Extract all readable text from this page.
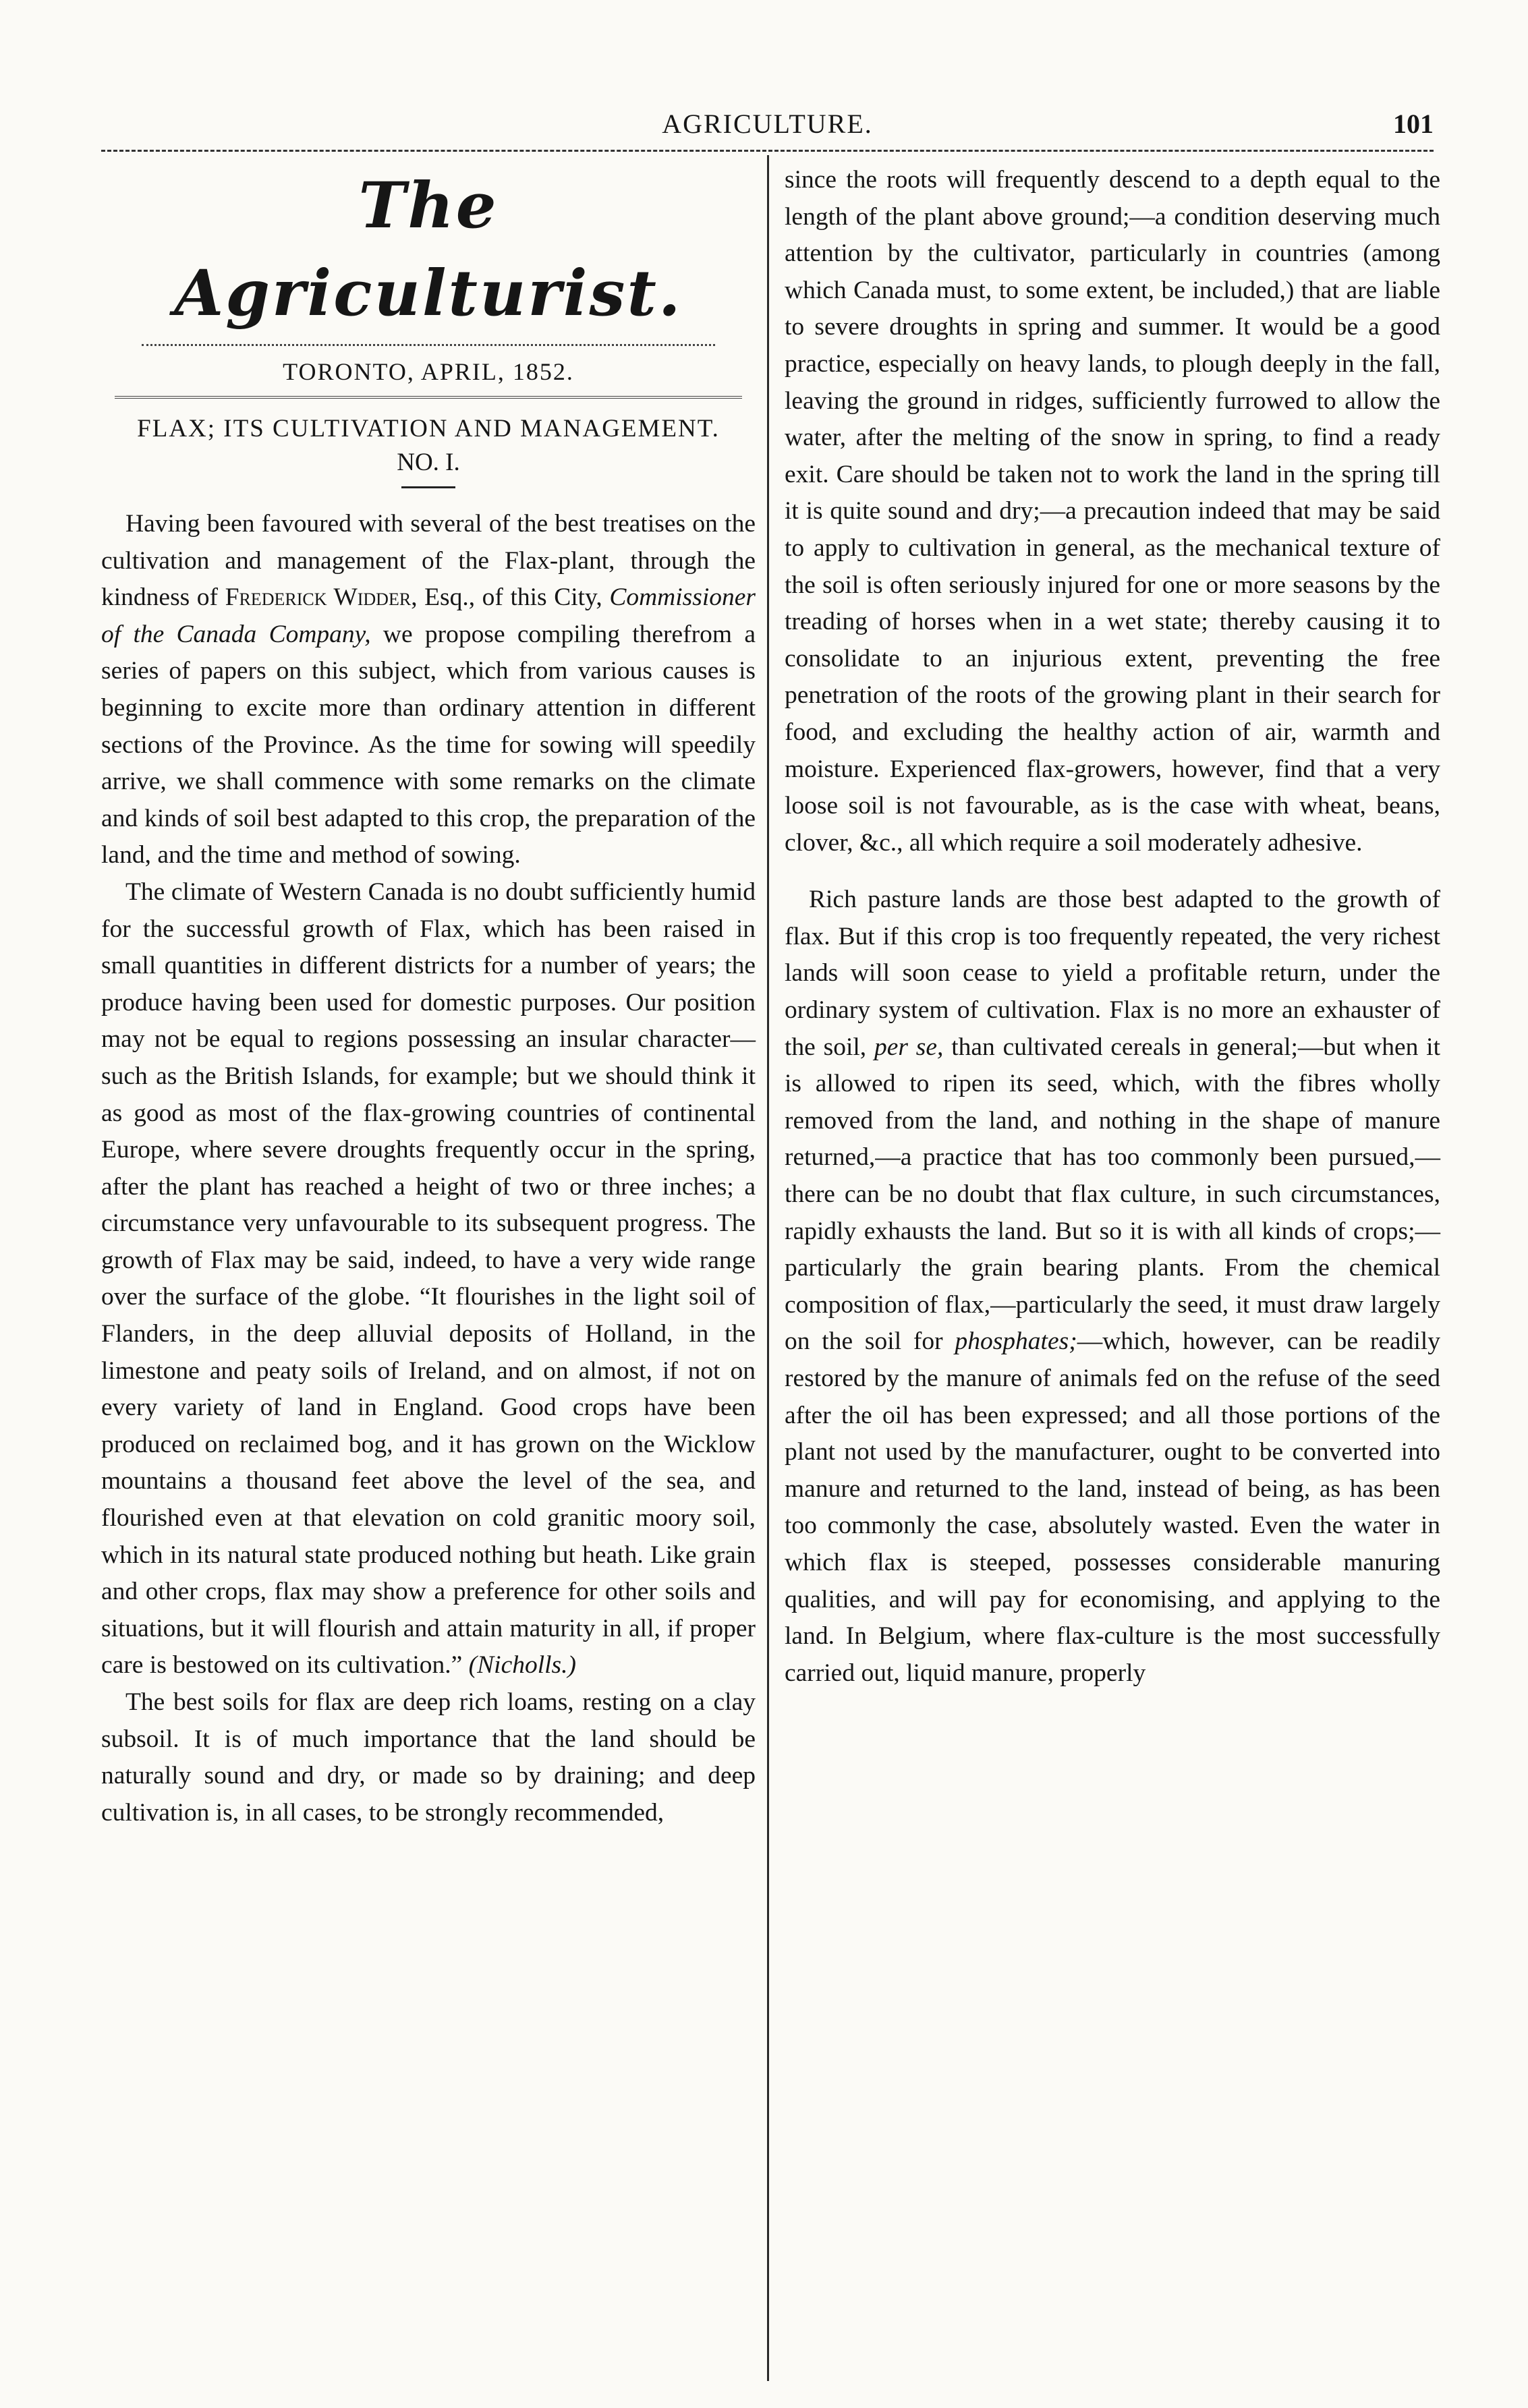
AGRICULTURE.	101
The Agriculturist.
TORONTO, APRIL, 1852.
FLAX; ITS CULTIVATION AND MANAGEMENT.
NO. I.

Having been favoured with several of the best treatises on the cultivation and management of the Flax-plant, through the kindness of Frederick Widder, Esq., of this City, Commissioner of the Canada Company, we propose compiling therefrom a series of papers on this subject, which from various causes is beginning to excite more than ordinary attention in different sections of the Province. As the time for sowing will speedily arrive, we shall commence with some remarks on the climate and kinds of soil best adapted to this crop, the preparation of the land, and the time and method of sowing.

The climate of Western Canada is no doubt sufficiently humid for the successful growth of Flax, which has been raised in small quantities in different districts for a number of years; the produce having been used for domestic purposes. Our position may not be equal to regions possessing an insular character—such as the British Islands, for example; but we should think it as good as most of the flax-growing countries of continental Europe, where severe droughts frequently occur in the spring, after the plant has reached a height of two or three inches; a circumstance very unfavourable to its subsequent progress. The growth of Flax may be said, indeed, to have a very wide range over the surface of the globe. “It flourishes in the light soil of Flanders, in the deep alluvial deposits of Holland, in the limestone and peaty soils of Ireland, and on almost, if not on every variety of land in England. Good crops have been produced on reclaimed bog, and it has grown on the Wicklow mountains a thousand feet above the level of the sea, and flourished even at that elevation on cold granitic moory soil, which in its natural state produced nothing but heath. Like grain and other crops, flax may show a preference for other soils and situations, but it will flourish and attain maturity in all, if proper care is bestowed on its cultivation.” (Nicholls.)

The best soils for flax are deep rich loams, resting on a clay subsoil. It is of much importance that the land should be naturally sound and dry, or made so by draining; and deep cultivation is, in all cases, to be strongly recommended,

since the roots will frequently descend to a depth equal to the length of the plant above ground;—a condition deserving much attention by the cultivator, particularly in countries (among which Canada must, to some extent, be included,) that are liable to severe droughts in spring and summer. It would be a good practice, especially on heavy lands, to plough deeply in the fall, leaving the ground in ridges, sufficiently furrowed to allow the water, after the melting of the snow in spring, to find a ready exit. Care should be taken not to work the land in the spring till it is quite sound and dry;—a precaution indeed that may be said to apply to cultivation in general, as the mechanical texture of the soil is often seriously injured for one or more seasons by the treading of horses when in a wet state; thereby causing it to consolidate to an injurious extent, preventing the free penetration of the roots of the growing plant in their search for food, and excluding the healthy action of air, warmth and moisture. Experienced flax-growers, however, find that a very loose soil is not favourable, as is the case with wheat, beans, clover, &c., all which require a soil moderately adhesive.

Rich pasture lands are those best adapted to the growth of flax. But if this crop is too frequently repeated, the very richest lands will soon cease to yield a profitable return, under the ordinary system of cultivation. Flax is no more an exhauster of the soil, per se, than cultivated cereals in general;—but when it is allowed to ripen its seed, which, with the fibres wholly removed from the land, and nothing in the shape of manure returned,—a practice that has too commonly been pursued,—there can be no doubt that flax culture, in such circumstances, rapidly exhausts the land. But so it is with all kinds of crops;—particularly the grain bearing plants. From the chemical composition of flax,—particularly the seed, it must draw largely on the soil for phosphates;—which, however, can be readily restored by the manure of animals fed on the refuse of the seed after the oil has been expressed; and all those portions of the plant not used by the manufacturer, ought to be converted into manure and returned to the land, instead of being, as has been too commonly the case, absolutely wasted. Even the water in which flax is steeped, possesses considerable manuring qualities, and will pay for economising, and applying to the land. In Belgium, where flax-culture is the most successfully carried out, liquid manure, properly
